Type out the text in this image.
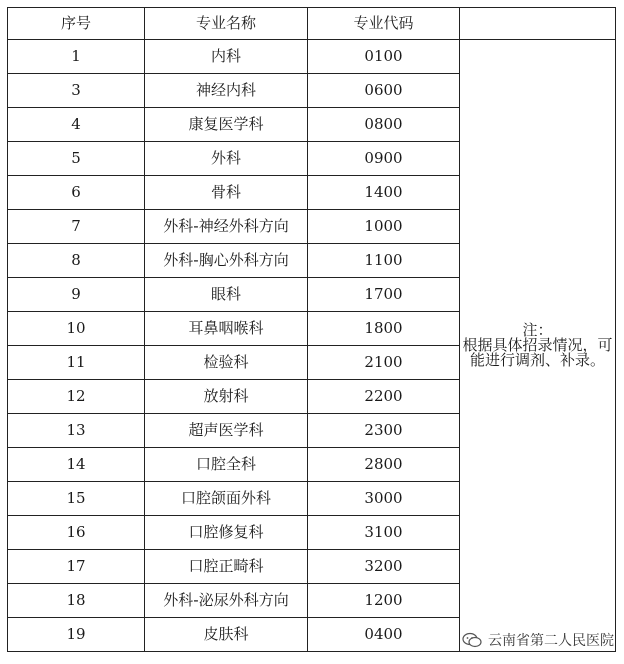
序号	专业名称	专业代码	
1	内科	0100	注：
根据具体招录情况，可能进行调剂、补录。

3	神经内科	0600	
4	康复医学科	0800	
5	外科	0900	
6	骨科	1400	
7	外科-神经外科方向	1000	
8	外科-胸心外科方向	1100	
9	眼科	1700	
10	耳鼻咽喉科	1800	
11	检验科	2100	
12	放射科	2200	
13	超声医学科	2300	
14	口腔全科	2800	
15	口腔颌面外科	3000	
16	口腔修复科	3100	
17	口腔正畸科	3200	
18	外科-泌尿外科方向	1200	
19	皮肤科	0400		云南省第二人民医院
